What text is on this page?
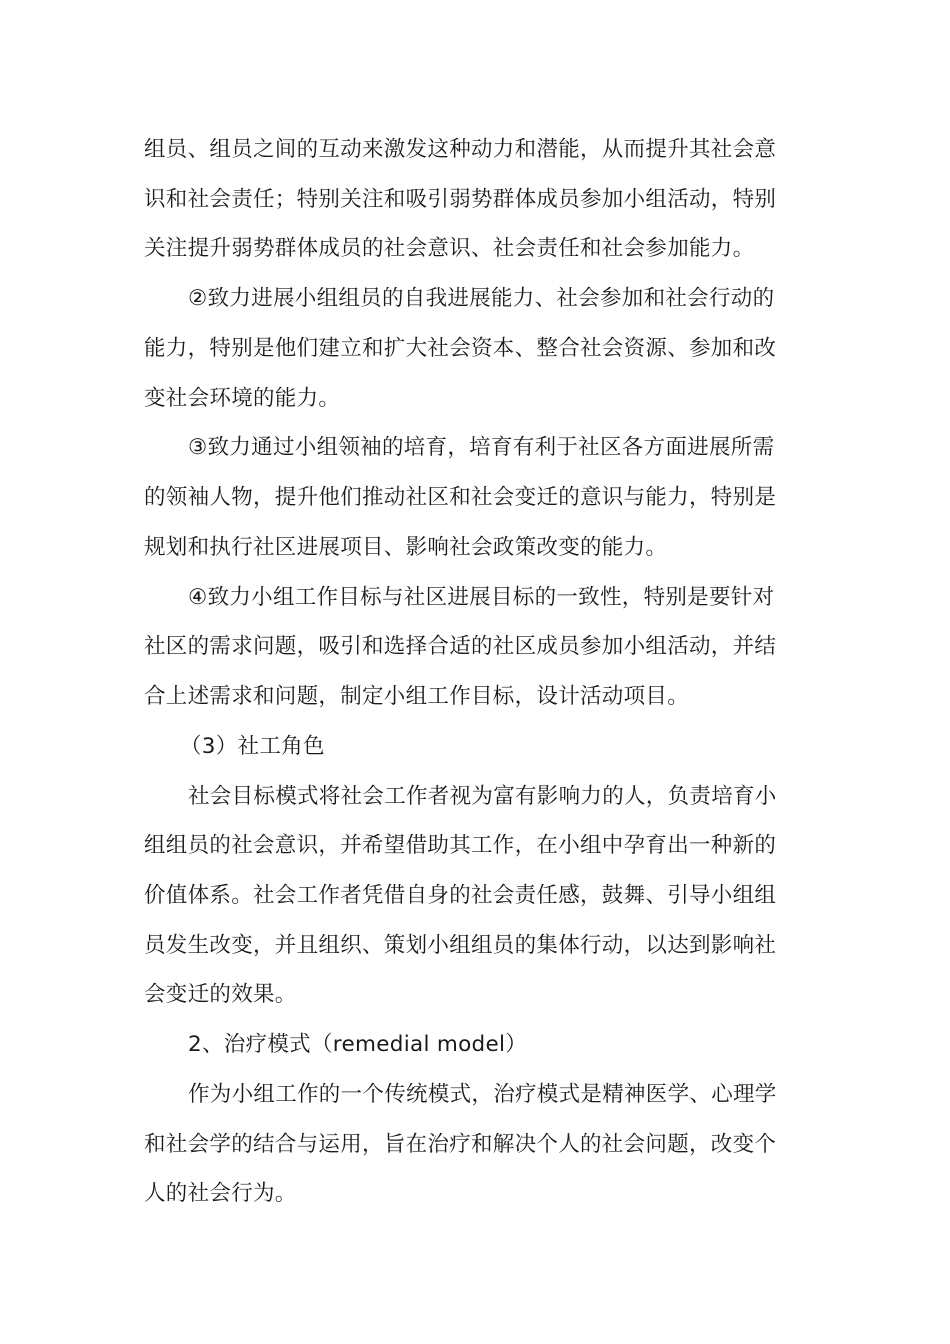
组员、组员之间的互动来激发这种动力和潜能，从而提升其社会意
识和社会责任；特别关注和吸引弱势群体成员参加小组活动，特别
关注提升弱势群体成员的社会意识、社会责任和社会参加能力。
②致力进展小组组员的自我进展能力、社会参加和社会行动的
能力，特别是他们建立和扩大社会资本、整合社会资源、参加和改
变社会环境的能力。
③致力通过小组领袖的培育，培育有利于社区各方面进展所需
的领袖人物，提升他们推动社区和社会变迁的意识与能力，特别是
规划和执行社区进展项目、影响社会政策改变的能力。
④致力小组工作目标与社区进展目标的一致性，特别是要针对
社区的需求问题，吸引和选择合适的社区成员参加小组活动，并结
合上述需求和问题，制定小组工作目标，设计活动项目。
（3）社工角色
社会目标模式将社会工作者视为富有影响力的人，负责培育小
组组员的社会意识，并希望借助其工作，在小组中孕育出一种新的
价值体系。社会工作者凭借自身的社会责任感，鼓舞、引导小组组
员发生改变，并且组织、策划小组组员的集体行动，以达到影响社
会变迁的效果。
2、治疗模式（remedial model）
作为小组工作的一个传统模式，治疗模式是精神医学、心理学
和社会学的结合与运用，旨在治疗和解决个人的社会问题，改变个
人的社会行为。
